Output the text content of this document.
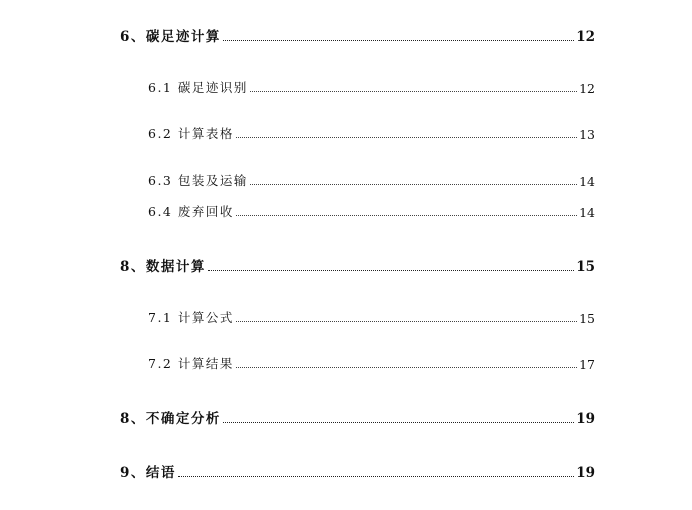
6、碳足迹计算	12
6.1 碳足迹识别	12
6.2 计算表格	13
6.3 包装及运输	14
6.4 废弃回收	14
8、数据计算	15
7.1 计算公式	15
7.2 计算结果	17
8、不确定分析	19
9、结语	19
